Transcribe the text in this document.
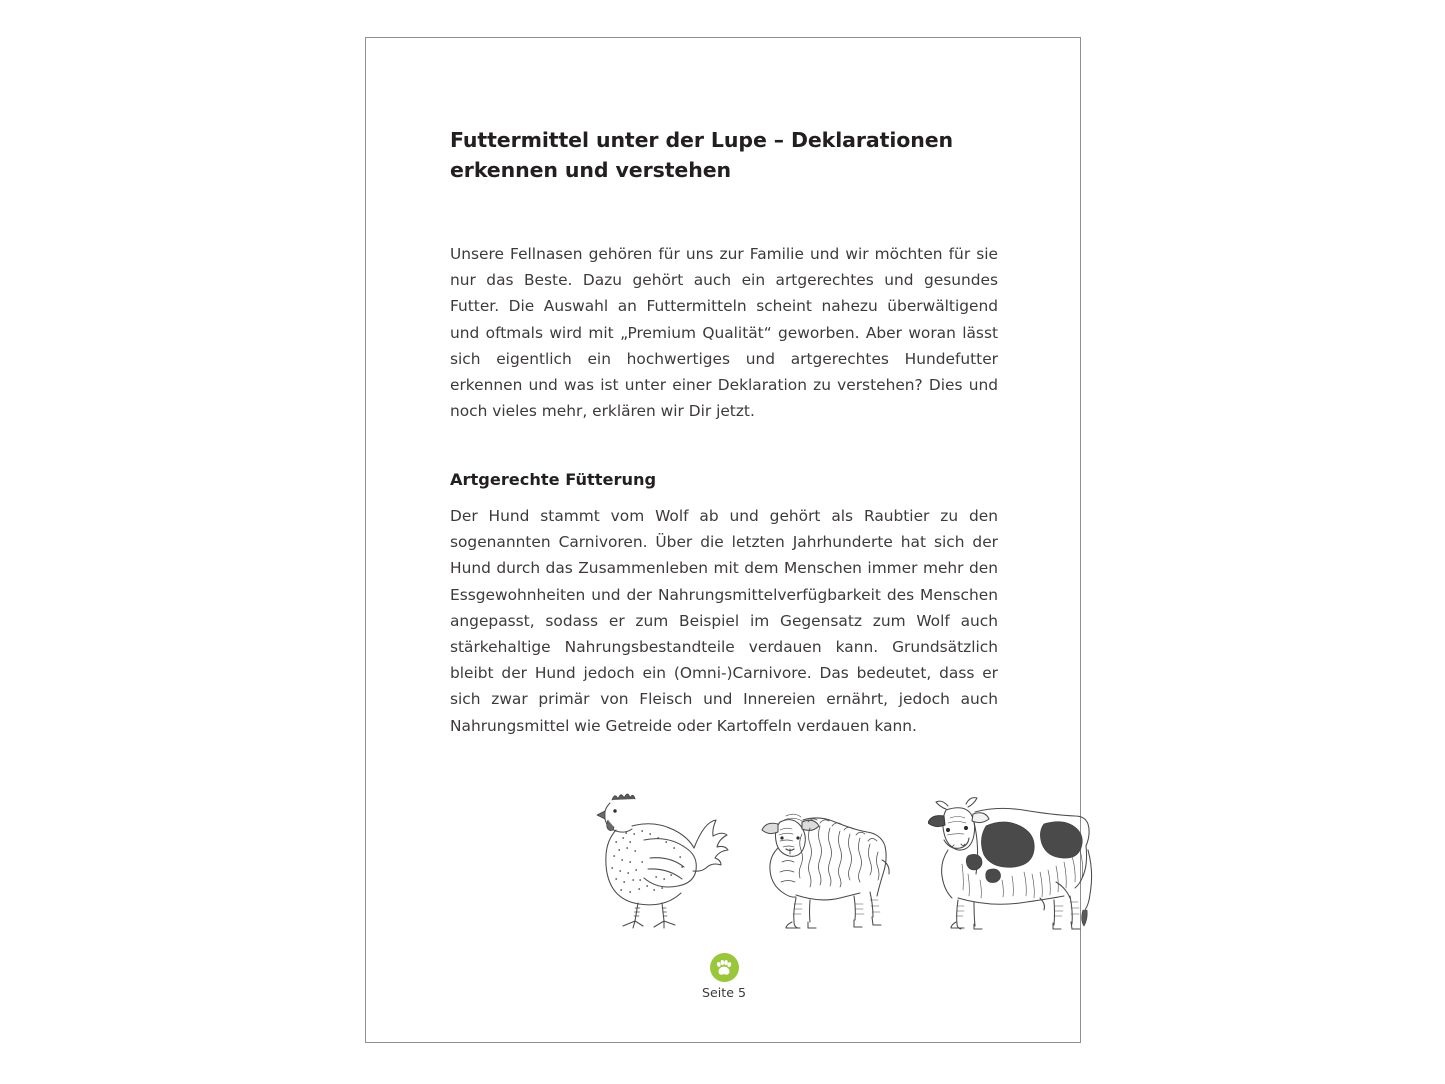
Futtermittel unter der Lupe – Deklarationen erkennen und verstehen

Unsere Fellnasen gehören für uns zur Familie und wir möchten für sie nur das Beste. Dazu gehört auch ein artgerechtes und gesundes Futter. Die Auswahl an Futtermitteln scheint nahezu überwältigend und oftmals wird mit „Premium Qualität“ geworben. Aber woran lässt sich eigentlich ein hochwertiges und artgerechtes Hundefutter erkennen und was ist unter einer Deklaration zu verstehen? Dies und noch vieles mehr, erklären wir Dir jetzt.

Artgerechte Fütterung

Der Hund stammt vom Wolf ab und gehört als Raubtier zu den sogenannten Carnivoren. Über die letzten Jahrhunderte hat sich der Hund durch das Zusammenleben mit dem Menschen immer mehr den Essgewohnheiten und der Nahrungsmittelverfügbarkeit des Menschen angepasst, sodass er zum Beispiel im Gegensatz zum Wolf auch stärkehaltige Nahrungsbestandteile verdauen kann. Grundsätzlich bleibt der Hund jedoch ein (Omni-)Carnivore. Das bedeutet, dass er sich zwar primär von Fleisch und Innereien ernährt, jedoch auch Nahrungsmittel wie Getreide oder Kartoffeln verdauen kann.

Seite 5
